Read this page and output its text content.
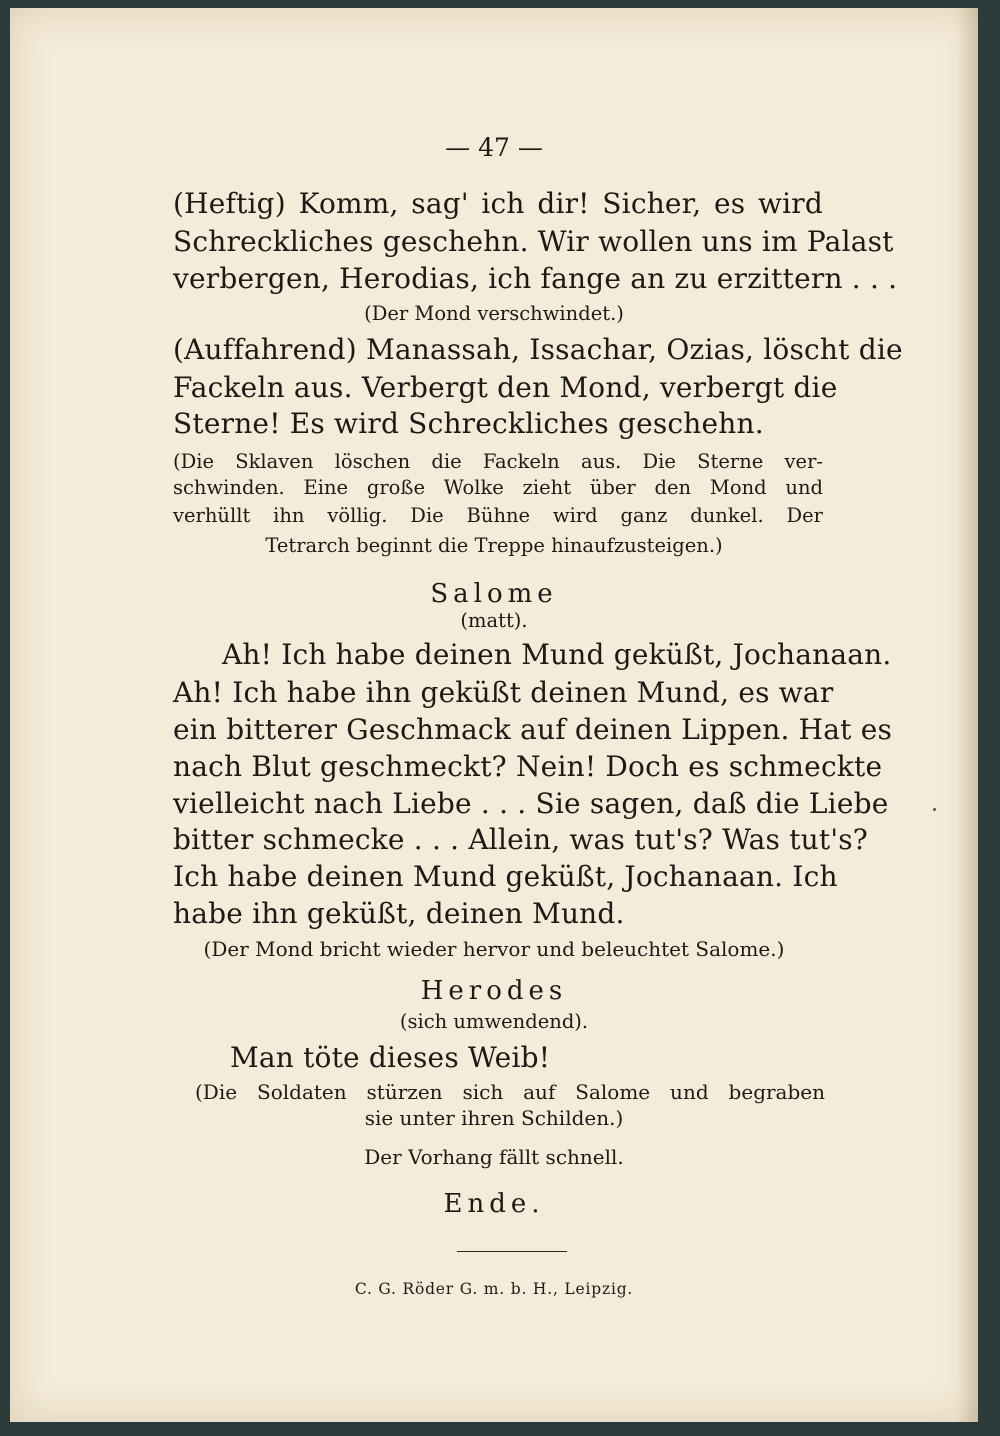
— 47 —
(Heftig) Komm, sag' ich dir! Sicher, es wird
Schreckliches geschehn. Wir wollen uns im Palast
verbergen, Herodias, ich fange an zu erzittern . . .
(Der Mond verschwindet.)
(Auffahrend) Manassah, Issachar, Ozias, löscht die
Fackeln aus. Verbergt den Mond, verbergt die
Sterne! Es wird Schreckliches geschehn.
(Die Sklaven löschen die Fackeln aus. Die Sterne ver-
schwinden. Eine große Wolke zieht über den Mond und
verhüllt ihn völlig. Die Bühne wird ganz dunkel. Der
Tetrarch beginnt die Treppe hinaufzusteigen.)
Salome
(matt).
Ah! Ich habe deinen Mund geküßt, Jochanaan.
Ah! Ich habe ihn geküßt deinen Mund, es war
ein bitterer Geschmack auf deinen Lippen. Hat es
nach Blut geschmeckt? Nein! Doch es schmeckte
vielleicht nach Liebe . . . Sie sagen, daß die Liebe
bitter schmecke . . . Allein, was tut's? Was tut's?
Ich habe deinen Mund geküßt, Jochanaan. Ich
habe ihn geküßt, deinen Mund.
(Der Mond bricht wieder hervor und beleuchtet Salome.)
Herodes
(sich umwendend).
Man töte dieses Weib!
(Die Soldaten stürzen sich auf Salome und begraben
sie unter ihren Schilden.)
Der Vorhang fällt schnell.
Ende.
C. G. Röder G. m. b. H., Leipzig.
